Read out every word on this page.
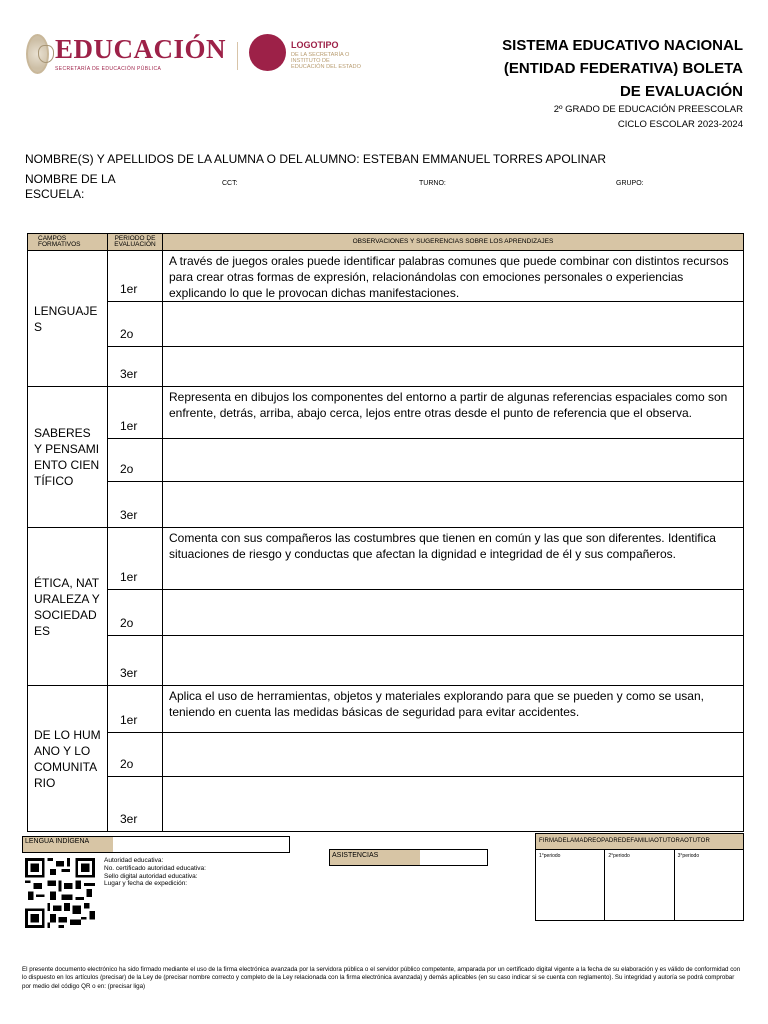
EDUCACIÓN
SECRETARÍA DE EDUCACIÓN PÚBLICA
LOGOTIPO
DE LA SECRETARÍA O INSTITUTO DE EDUCACIÓN DEL ESTADO
SISTEMA EDUCATIVO NACIONAL
(ENTIDAD FEDERATIVA) BOLETA
DE EVALUACIÓN
2º GRADO DE EDUCACIÓN PREESCOLAR
CICLO ESCOLAR 2023-2024
NOMBRE(S) Y APELLIDOS DE LA ALUMNA O DEL ALUMNO: ESTEBAN EMMANUEL TORRES APOLINAR
NOMBRE DE LA ESCUELA:
CCT:	TURNO:	GRUPO:
CAMPOS FORMATIVOS	PERIODO DE EVALUACIÓN	OBSERVACIONES Y SUGERENCIAS SOBRE LOS APRENDIZAJES
LENGUAJES	1er	A través de juegos orales puede identificar palabras comunes que puede combinar con distintos recursos para crear otras formas de expresión, relacionándolas con emociones personales o experiencias explicando lo que le provocan dichas manifestaciones.

	2o	

	3er	

SABERES Y PENSAMIENTO CIENTÍFICO	1er	Representa en dibujos los componentes del entorno a partir de algunas referencias espaciales como son enfrente, detrás, arriba, abajo cerca, lejos entre otras desde el punto de referencia que el observa.

	2o	

	3er	

ÉTICA, NATURALEZA Y SOCIEDADES	1er	Comenta con sus compañeros las costumbres que tienen en común y las que son diferentes. Identifica situaciones de riesgo y conductas que afectan la dignidad e integridad de él y sus compañeros.

	2o	

	3er	

DE LO HUMANO Y LO COMUNITARIO	1er	Aplica el uso de herramientas, objetos y materiales explorando para que se pueden y como se usan, teniendo en cuenta las medidas básicas de seguridad para evitar accidentes.

	2o	

	3er	

LENGUA INDÍGENA
ASISTENCIAS
FIRMADELAMADREOPADREDEFAMILIAOTUTORAOTUTOR
1°periodo	2°periodo	3°periodo
Autoridad educativa:
No. certificado autoridad educativa:
Sello digital autoridad educativa:
Lugar y fecha de expedición:
El presente documento electrónico ha sido firmado mediante el uso de la firma electrónica avanzada por la servidora pública o el servidor público competente, amparada por un certificado digital vigente a la fecha de su elaboración y es válido de conformidad con lo dispuesto en los artículos (precisar) de la Ley de (precisar nombre correcto y completo de la Ley relacionada con la firma electrónica avanzada) y demás aplicables (en su caso indicar si se cuenta con reglamento). Su integridad y autoría se podrá comprobar por medio del código QR o en: (precisar liga)
